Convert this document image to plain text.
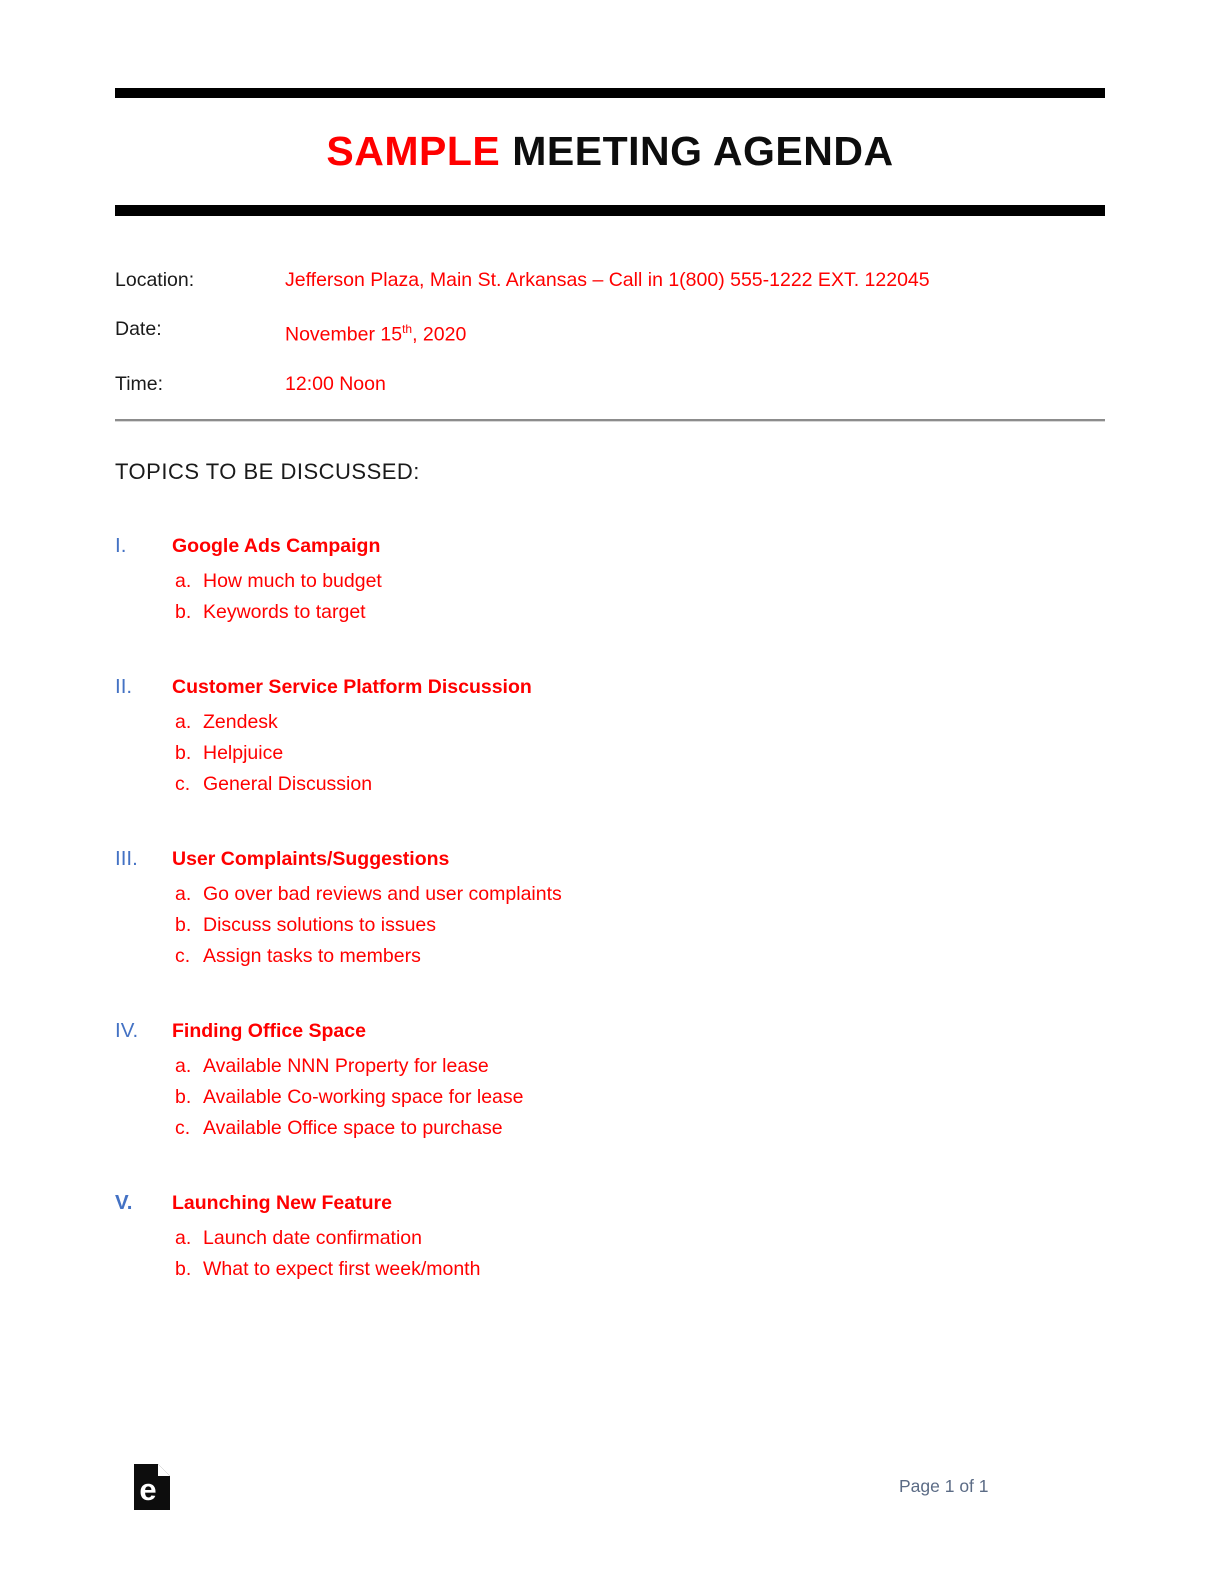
SAMPLE MEETING AGENDA
Location:	Jefferson Plaza, Main St. Arkansas – Call in 1(800) 555-1222 EXT. 122045
Date:	November 15th, 2020
Time:	12:00 Noon
TOPICS TO BE DISCUSSED:
I.	Google Ads Campaign
a. How much to budget
b. Keywords to target
II.	Customer Service Platform Discussion
a. Zendesk
b. Helpjuice
c. General Discussion
III.	User Complaints/Suggestions
a. Go over bad reviews and user complaints
b. Discuss solutions to issues
c. Assign tasks to members
IV.	Finding Office Space
a. Available NNN Property for lease
b. Available Co-working space for lease
c. Available Office space to purchase
V.	Launching New Feature
a. Launch date confirmation
b. What to expect first week/month
e	Page 1 of 1
